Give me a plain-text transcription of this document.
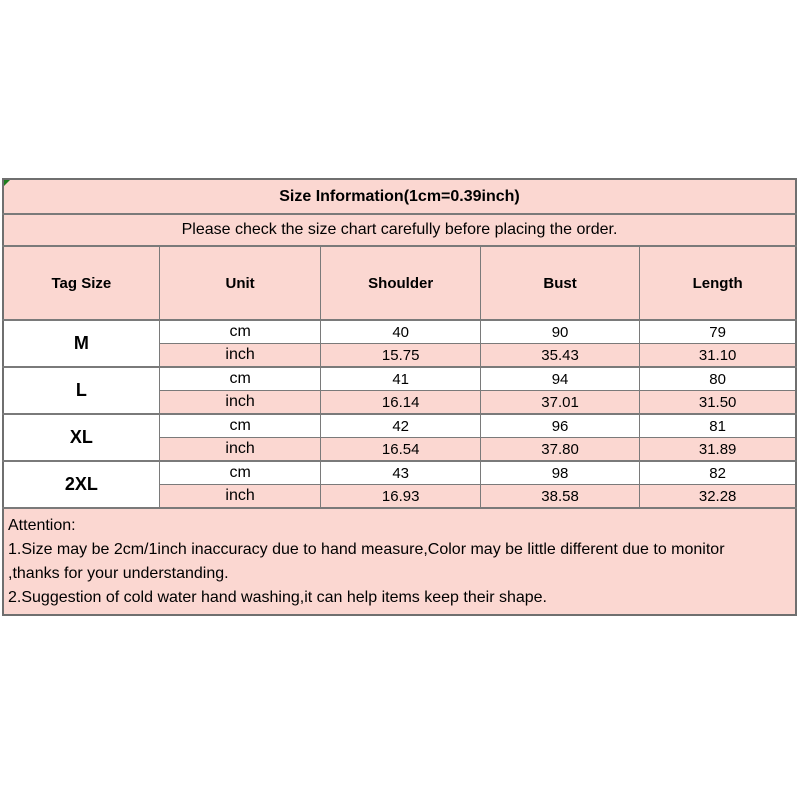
Size Information(1cm=0.39inch)				
Please check the size chart carefully before placing the order.				
Tag Size	Unit	Shoulder	Bust	Length
M	cm	40	90	79
	inch	15.75	35.43	31.10
L	cm	41	94	80
	inch	16.14	37.01	31.50
XL	cm	42	96	81
	inch	16.54	37.80	31.89
2XL	cm	43	98	82
	inch	16.93	38.58	32.28

Attention:
1.Size may be 2cm/1inch inaccuracy due to hand measure,Color may be little different due to monitor
,thanks for your understanding.
2.Suggestion of cold water hand washing,it can help items keep their shape.				
